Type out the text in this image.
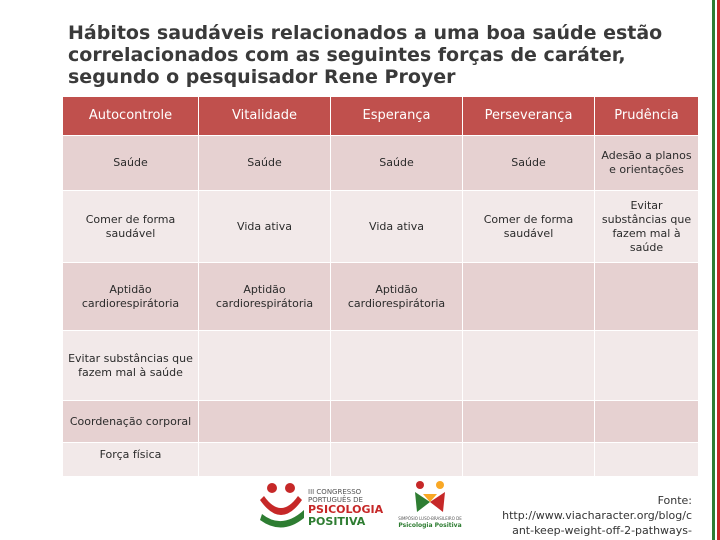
Hábitos saudáveis relacionados a uma boa saúde estão correlacionados com as seguintes forças de caráter, segundo o pesquisador Rene Proyer
Autocontrole	Vitalidade	Esperança	Perseverança	Prudência
Saúde	Saúde	Saúde	Saúde	Adesão a planos e orientações
Comer de forma saudável	Vida ativa	Vida ativa	Comer de forma saudável	Evitar substâncias que fazem mal à saúde
Aptidão cardiorespirátoria	Aptidão cardiorespirátoria	Aptidão cardiorespirátoria		
Evitar substâncias que fazem mal à saúde				
Coordenação corporal				
Força física				
III CONGRESSO
PORTUGUÊS DE
PSICOLOGIA
POSITIVA	SIMPÓSIO LUSO-BRASILEIRO DE
Psicologia Positiva
Fonte:
http://www.viacharacter.org/blog/c
ant-keep-weight-off-2-pathways-
